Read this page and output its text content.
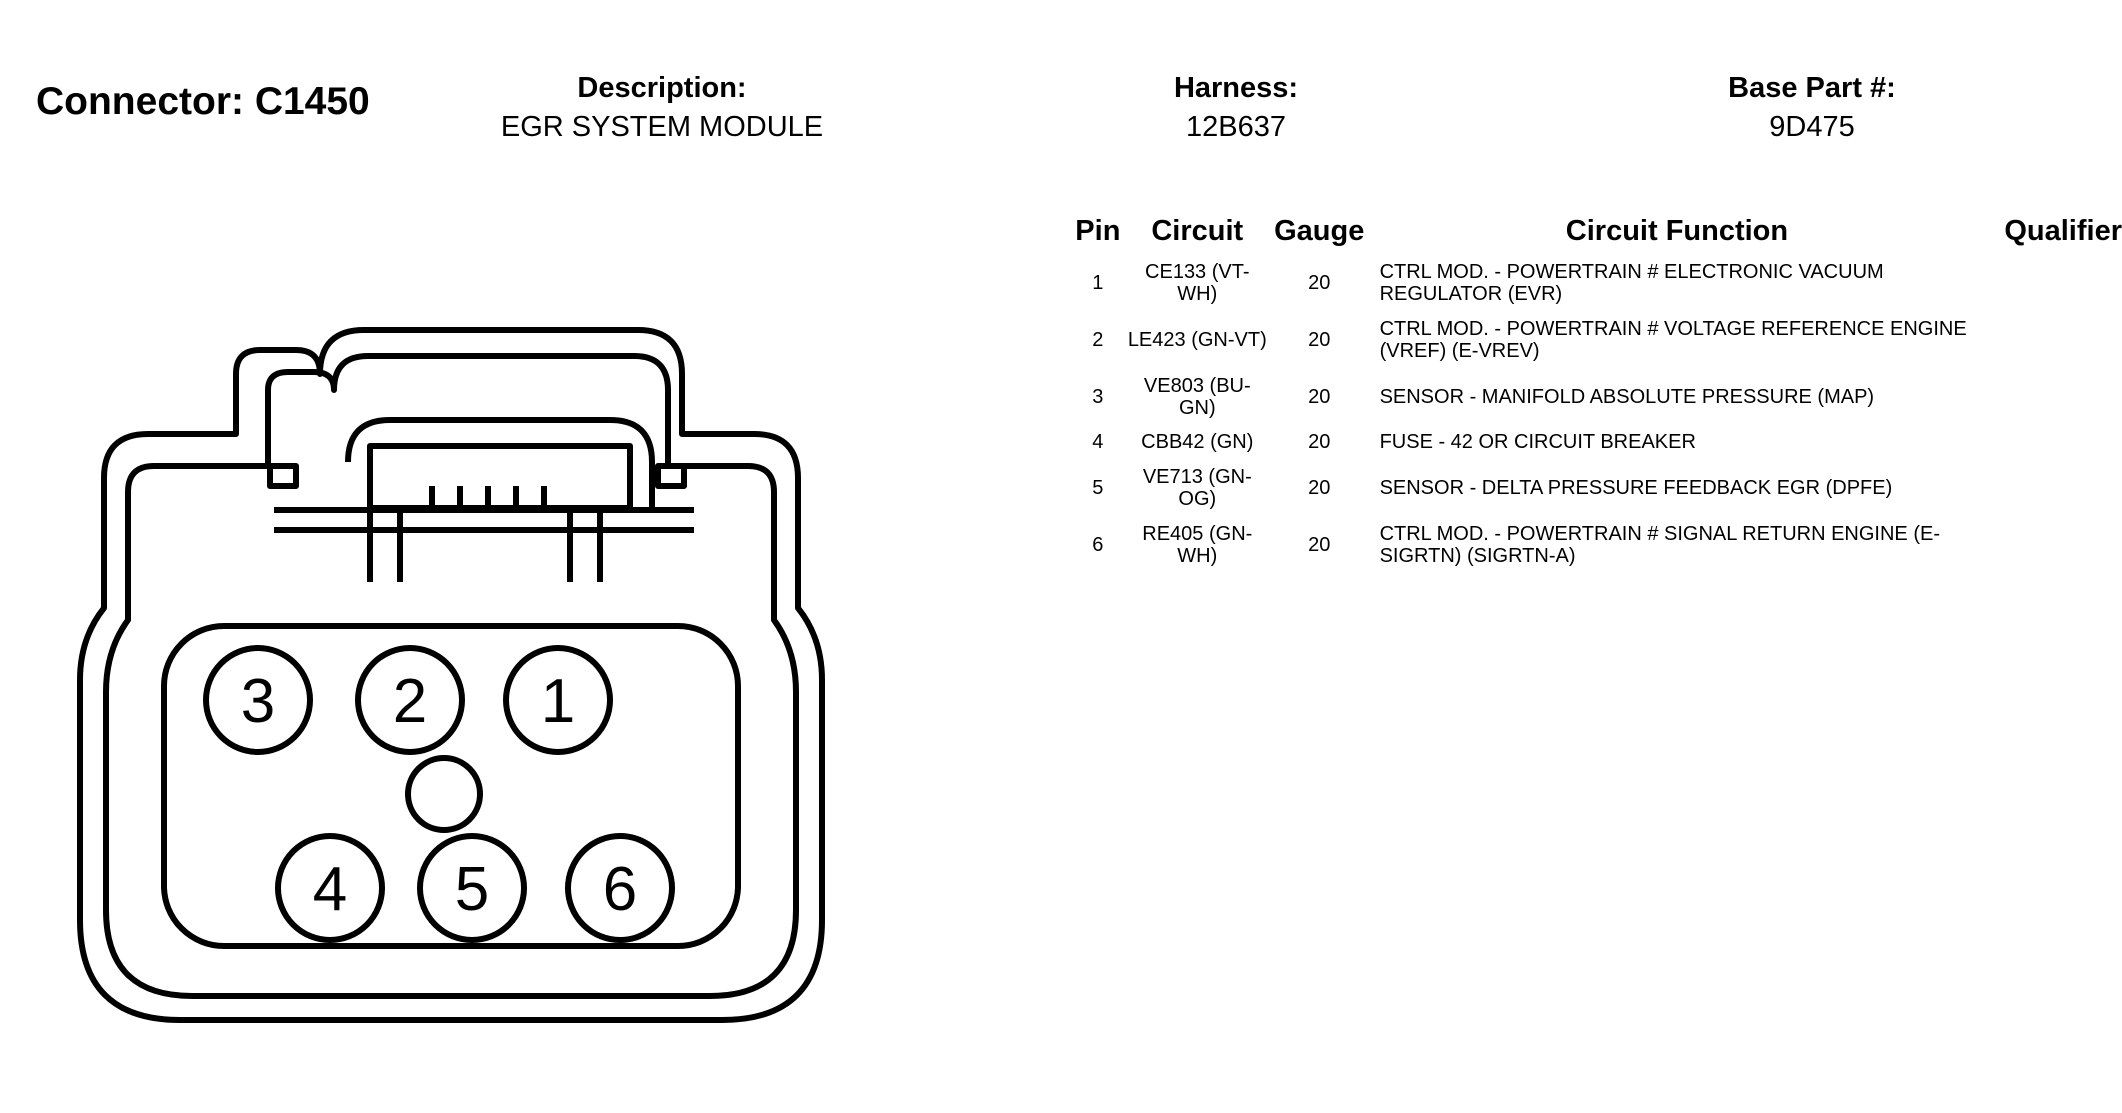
Connector: C1450	Description:
EGR SYSTEM MODULE
Harness:
12B637
Base Part #:
9D475
3 2 1
4 5 6
Pin	Circuit	Gauge	Circuit Function	Qualifier
1	CE133 (VT-WH)	20	CTRL MOD. - POWERTRAIN # ELECTRONIC VACUUM REGULATOR (EVR)	
2	LE423 (GN-VT)	20	CTRL MOD. - POWERTRAIN # VOLTAGE REFERENCE ENGINE (VREF) (E-VREV)	
3	VE803 (BU-GN)	20	SENSOR - MANIFOLD ABSOLUTE PRESSURE (MAP)	
4	CBB42 (GN)	20	FUSE - 42 OR CIRCUIT BREAKER	
5	VE713 (GN-OG)	20	SENSOR - DELTA PRESSURE FEEDBACK EGR (DPFE)	
6	RE405 (GN-WH)	20	CTRL MOD. - POWERTRAIN # SIGNAL RETURN ENGINE (E-SIGRTN) (SIGRTN-A)	
